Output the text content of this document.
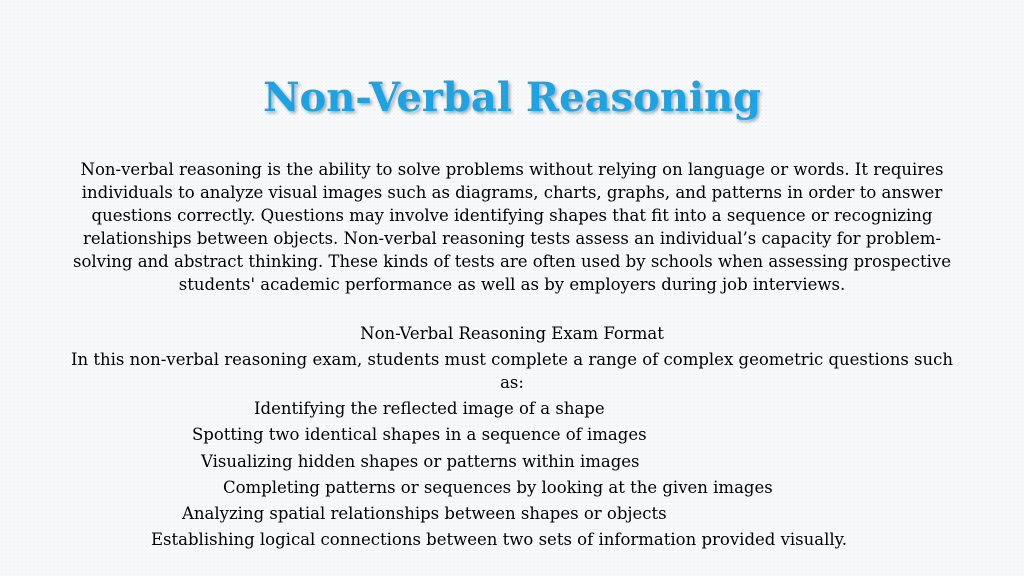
Non-Verbal Reasoning

Non-verbal reasoning is the ability to solve problems without relying on language or words. It requires individuals to analyze visual images such as diagrams, charts, graphs, and patterns in order to answer questions correctly. Questions may involve identifying shapes that fit into a sequence or recognizing relationships between objects. Non-verbal reasoning tests assess an individual’s capacity for problem-solving and abstract thinking. These kinds of tests are often used by schools when assessing prospective students' academic performance as well as by employers during job interviews.

Non-Verbal Reasoning Exam Format

In this non-verbal reasoning exam, students must complete a range of complex geometric questions such as:

Identifying the reflected image of a shape
Spotting two identical shapes in a sequence of images
Visualizing hidden shapes or patterns within images
Completing patterns or sequences by looking at the given images
Analyzing spatial relationships between shapes or objects
Establishing logical connections between two sets of information provided visually.
